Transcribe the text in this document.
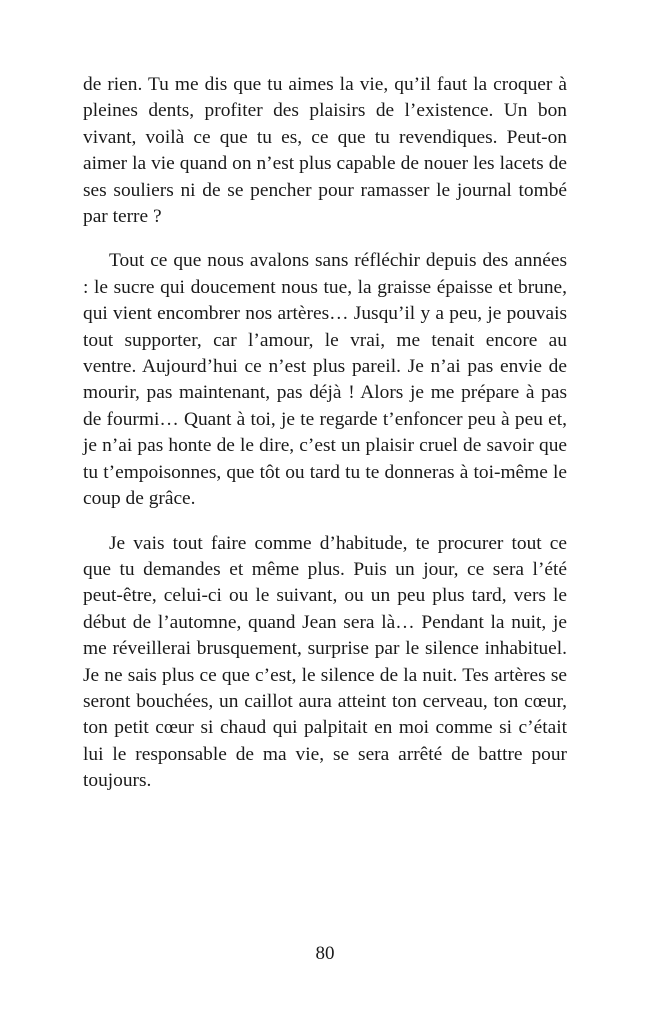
de rien. Tu me dis que tu aimes la vie, qu’il faut la croquer à pleines dents, profiter des plaisirs de l’existence. Un bon vivant, voilà ce que tu es, ce que tu revendiques. Peut-on aimer la vie quand on n’est plus capable de nouer les lacets de ses souliers ni de se pencher pour ramasser le journal tombé par terre ?

Tout ce que nous avalons sans réfléchir depuis des années : le sucre qui doucement nous tue, la graisse épaisse et brune, qui vient encombrer nos artères… Jusqu’il y a peu, je pouvais tout supporter, car l’amour, le vrai, me tenait encore au ventre. Aujourd’hui ce n’est plus pareil. Je n’ai pas envie de mourir, pas maintenant, pas déjà ! Alors je me prépare à pas de fourmi… Quant à toi, je te regarde t’enfoncer peu à peu et, je n’ai pas honte de le dire, c’est un plaisir cruel de savoir que tu t’empoisonnes, que tôt ou tard tu te donneras à toi-même le coup de grâce.

Je vais tout faire comme d’habitude, te procurer tout ce que tu demandes et même plus. Puis un jour, ce sera l’été peut-être, celui-ci ou le suivant, ou un peu plus tard, vers le début de l’automne, quand Jean sera là… Pendant la nuit, je me réveillerai brusquement, surprise par le silence inhabituel. Je ne sais plus ce que c’est, le silence de la nuit. Tes artères se seront bouchées, un caillot aura atteint ton cerveau, ton cœur, ton petit cœur si chaud qui palpitait en moi comme si c’était lui le responsable de ma vie, se sera arrêté de battre pour toujours.

80
